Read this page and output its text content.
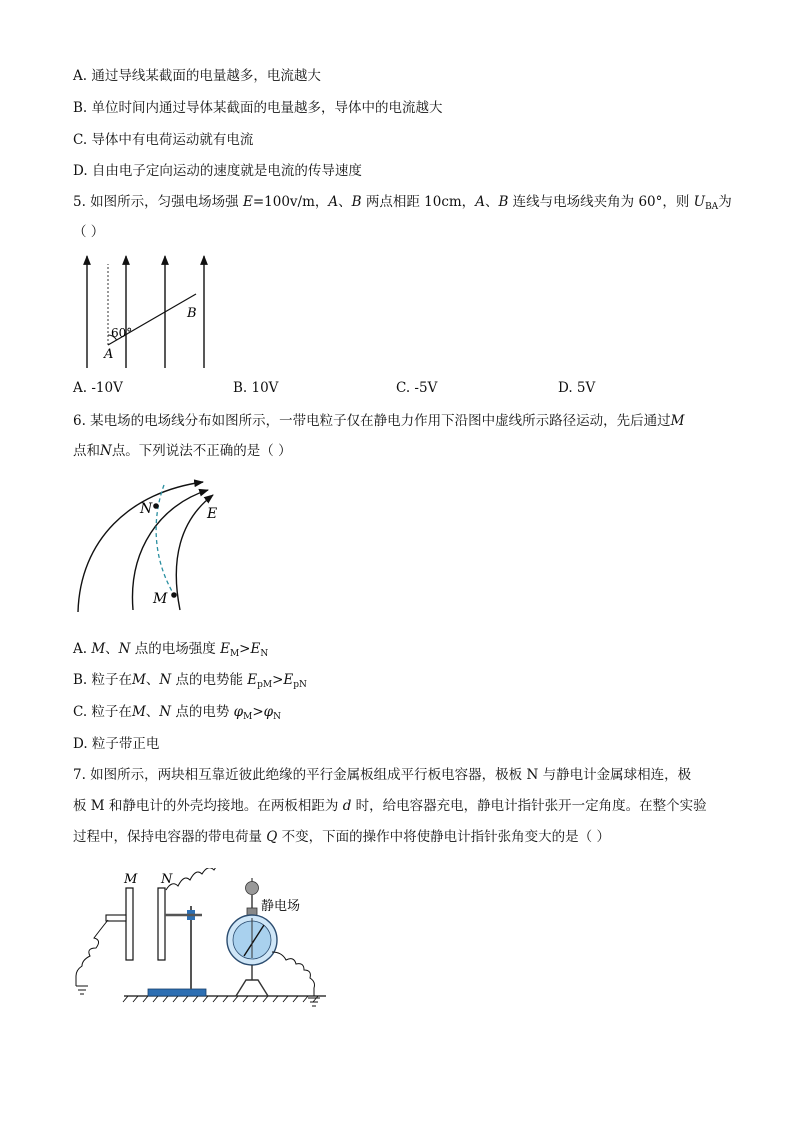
A. 通过导线某截面的电量越多，电流越大
B. 单位时间内通过导体某截面的电量越多，导体中的电流越大
C. 导体中有电荷运动就有电流
D. 自由电子定向运动的速度就是电流的传导速度
5. 如图所示，匀强电场场强 E=100v/m，A、B 两点相距 10cm，A、B 连线与电场线夹角为 60°，则 $U_{BA}$为
（ ）
60°
A
B
A. -10V	B. 10V	C. -5V	D. 5V
6. 某电场的电场线分布如图所示，一带电粒子仅在静电力作用下沿图中虚线所示路径运动，先后通过M
点和N点。下列说法不正确的是（ ）
N
M
E
A. M、N 点的电场强度 $E_M>E_N$
B. 粒子在M、N 点的电势能 $E_{pM}>E_{pN}$
C. 粒子在M、N 点的电势 $\varphi_M>\varphi_N$
D. 粒子带正电
7. 如图所示，两块相互靠近彼此绝缘的平行金属板组成平行板电容器，极板 N 与静电计金属球相连，极
板 M 和静电计的外壳均接地。在两板相距为 d 时，给电容器充电，静电计指针张开一定角度。在整个实验
过程中，保持电容器的带电荷量 Q 不变，下面的操作中将使静电计指针张角变大的是（ ）
M N
静电场
